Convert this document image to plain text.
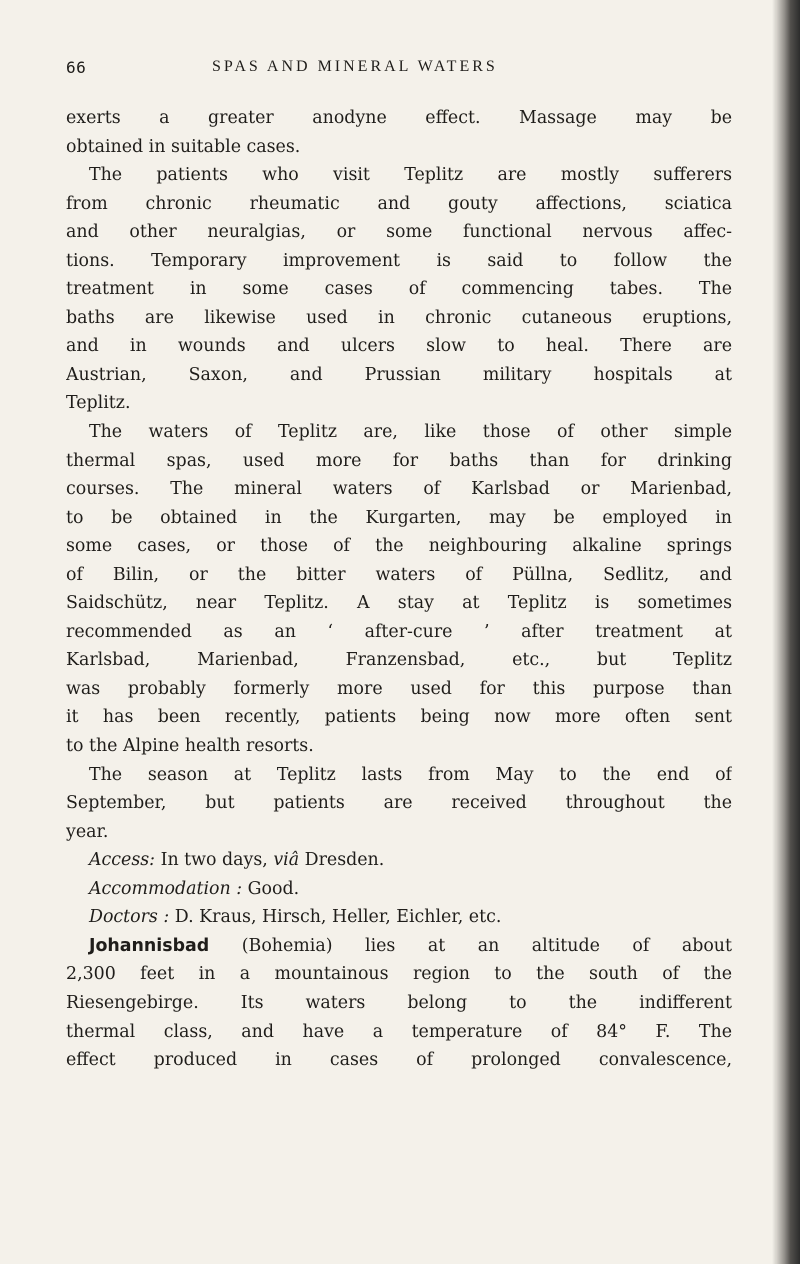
66	SPAS AND MINERAL WATERS
exerts a greater anodyne effect. Massage may be
obtained in suitable cases.
The patients who visit Teplitz are mostly sufferers
from chronic rheumatic and gouty affections, sciatica
and other neuralgias, or some functional nervous affec-
tions. Temporary improvement is said to follow the
treatment in some cases of commencing tabes. The
baths are likewise used in chronic cutaneous eruptions,
and in wounds and ulcers slow to heal. There are
Austrian, Saxon, and Prussian military hospitals at
Teplitz.
The waters of Teplitz are, like those of other simple
thermal spas, used more for baths than for drinking
courses. The mineral waters of Karlsbad or Marienbad,
to be obtained in the Kurgarten, may be employed in
some cases, or those of the neighbouring alkaline springs
of Bilin, or the bitter waters of Püllna, Sedlitz, and
Saidschütz, near Teplitz. A stay at Teplitz is sometimes
recommended as an ‘ after-cure ’ after treatment at
Karlsbad, Marienbad, Franzensbad, etc., but Teplitz
was probably formerly more used for this purpose than
it has been recently, patients being now more often sent
to the Alpine health resorts.
The season at Teplitz lasts from May to the end of
September, but patients are received throughout the
year.
Access: In two days, viâ Dresden.
Accommodation : Good.
Doctors : D. Kraus, Hirsch, Heller, Eichler, etc.
Johannisbad (Bohemia) lies at an altitude of about
2,300 feet in a mountainous region to the south of the
Riesengebirge. Its waters belong to the indifferent
thermal class, and have a temperature of 84° F. The
effect produced in cases of prolonged convalescence,
